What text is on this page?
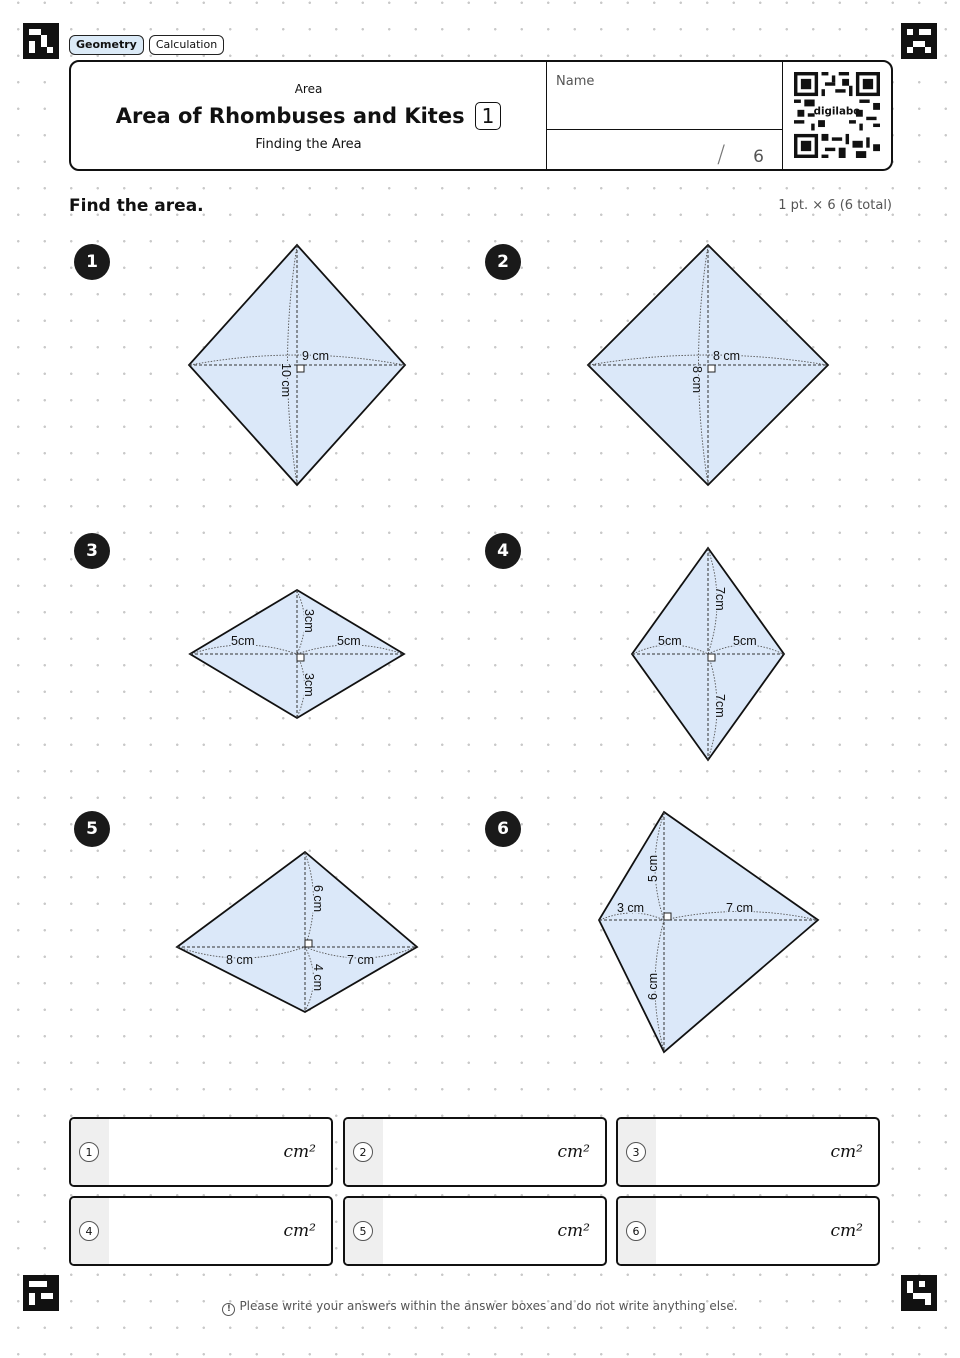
Geometry	Calculation
Area
Area of Rhombuses and Kites 1
Finding the Area
Name
/ 6
digilabo
Find the area.	1 pt. × 6 (6 total)
1
9 cm
10 cm
2
8 cm
8 cm
3
5cm	5cm
3cm
3cm
4
5cm	5cm
7cm
7cm
5
6 cm
4 cm
8 cm	7 cm
6
5 cm
6 cm
3 cm	7 cm
1	cm²	2	cm²	3	cm²
4	cm²	5	cm²	6	cm²
! Please write your answers within the answer boxes and do not write anything else.
